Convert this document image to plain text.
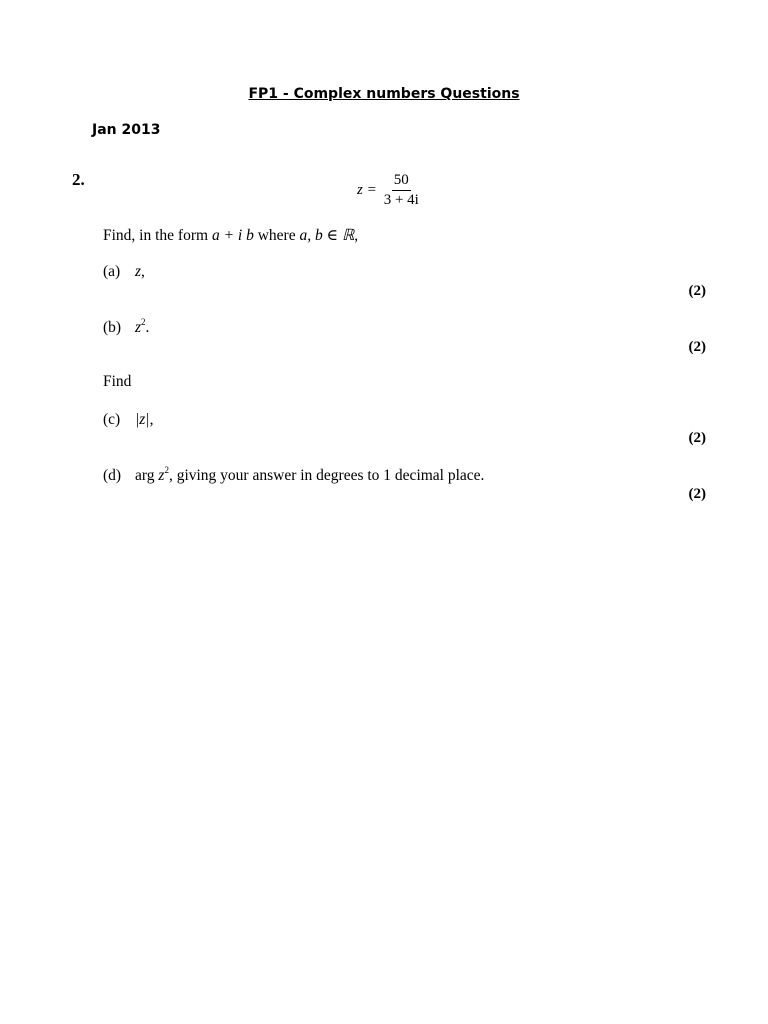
FP1 - Complex numbers Questions
Jan 2013
2.
$z = \frac{50}{3 + 4i}$
Find, in the form a + i b where a, b ∈ ℝ,
(a) z,
(2)
(b) $z^2$.
(2)
Find
(c) |z|,
(2)
(d) arg $z^2$, giving your answer in degrees to 1 decimal place.
(2)
